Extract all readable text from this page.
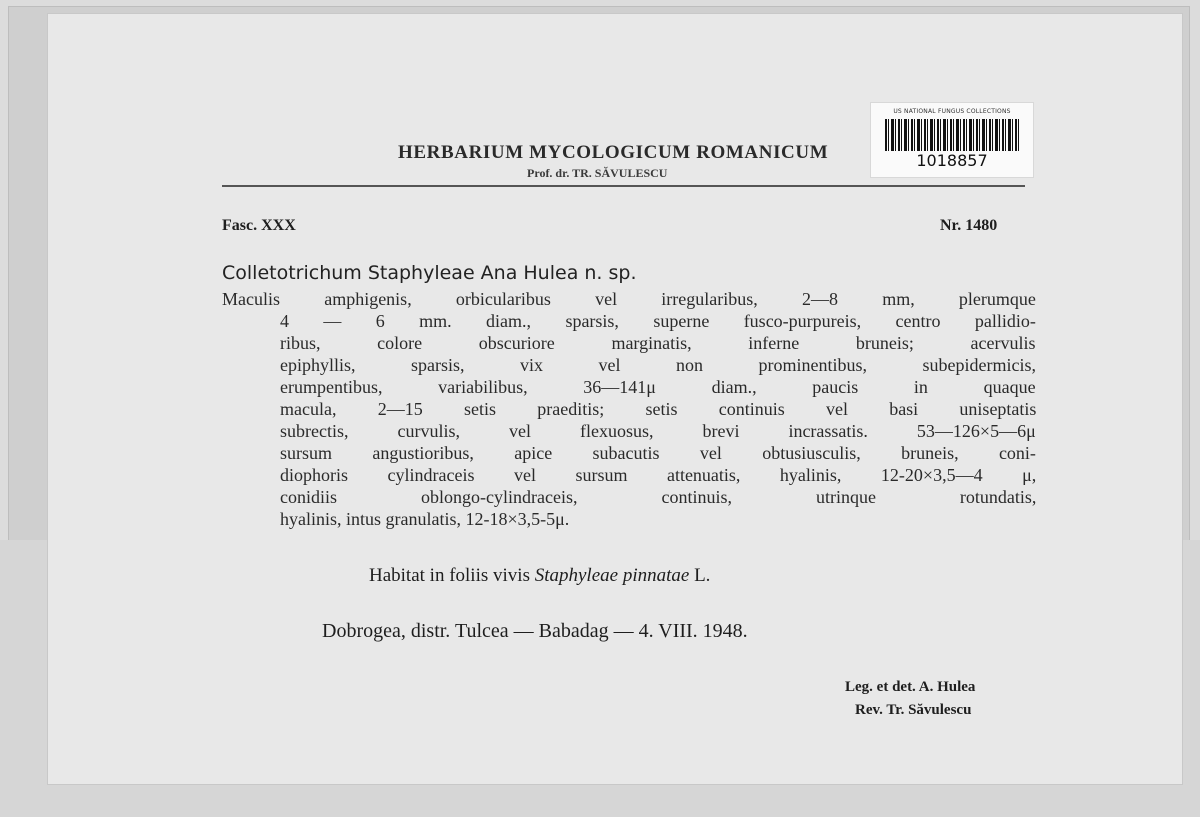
US NATIONAL FUNGUS COLLECTIONS
1018857
HERBARIUM MYCOLOGICUM ROMANICUM
Prof. dr. TR. SĂVULESCU
Fasc. XXX	Nr. 1480
Colletotrichum Staphyleae Ana Hulea n. sp.
Maculis amphigenis, orbicularibus vel irregularibus, 2—8 mm, plerumque
4 — 6 mm. diam., sparsis, superne fusco-purpureis, centro pallidio-
ribus, colore obscuriore marginatis, inferne bruneis; acervulis
epiphyllis, sparsis, vix vel non prominentibus, subepidermicis,
erumpentibus, variabilibus, 36—141μ diam., paucis in quaque
macula, 2—15 setis praeditis; setis continuis vel basi uniseptatis
subrectis, curvulis, vel flexuosus, brevi incrassatis. 53—126×5—6μ
sursum angustioribus, apice subacutis vel obtusiusculis, bruneis, coni-
diophoris cylindraceis vel sursum attenuatis, hyalinis, 12-20×3,5—4 μ,
conidiis oblongo-cylindraceis, continuis, utrinque rotundatis,
hyalinis, intus granulatis, 12-18×3,5-5μ.
Habitat in foliis vivis Staphyleae pinnatae L.
Dobrogea, distr. Tulcea — Babadag — 4. VIII. 1948.
Leg. et det. A. Hulea
Rev. Tr. Săvulescu
